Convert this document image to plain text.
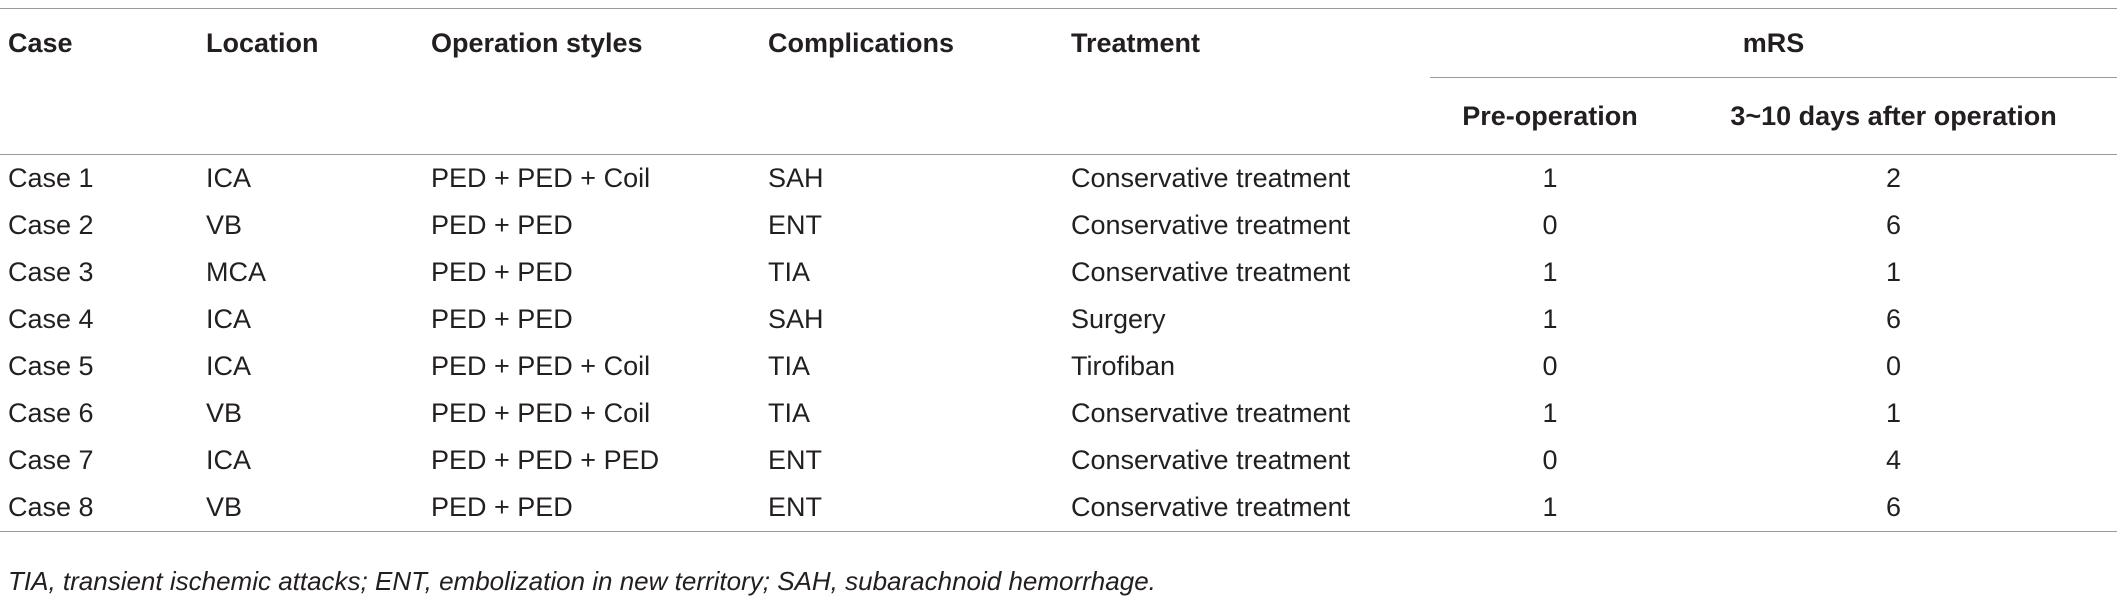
Case	Location	Operation styles	Complications	Treatment	mRS	
					Pre-operation	3~10 days after operation
Case 1	ICA	PED + PED + Coil	SAH	Conservative treatment	1	2
Case 2	VB	PED + PED	ENT	Conservative treatment	0	6
Case 3	MCA	PED + PED	TIA	Conservative treatment	1	1
Case 4	ICA	PED + PED	SAH	Surgery	1	6
Case 5	ICA	PED + PED + Coil	TIA	Tirofiban	0	0
Case 6	VB	PED + PED + Coil	TIA	Conservative treatment	1	1
Case 7	ICA	PED + PED + PED	ENT	Conservative treatment	0	4
Case 8	VB	PED + PED	ENT	Conservative treatment	1	6
TIA, transient ischemic attacks; ENT, embolization in new territory; SAH, subarachnoid hemorrhage.
